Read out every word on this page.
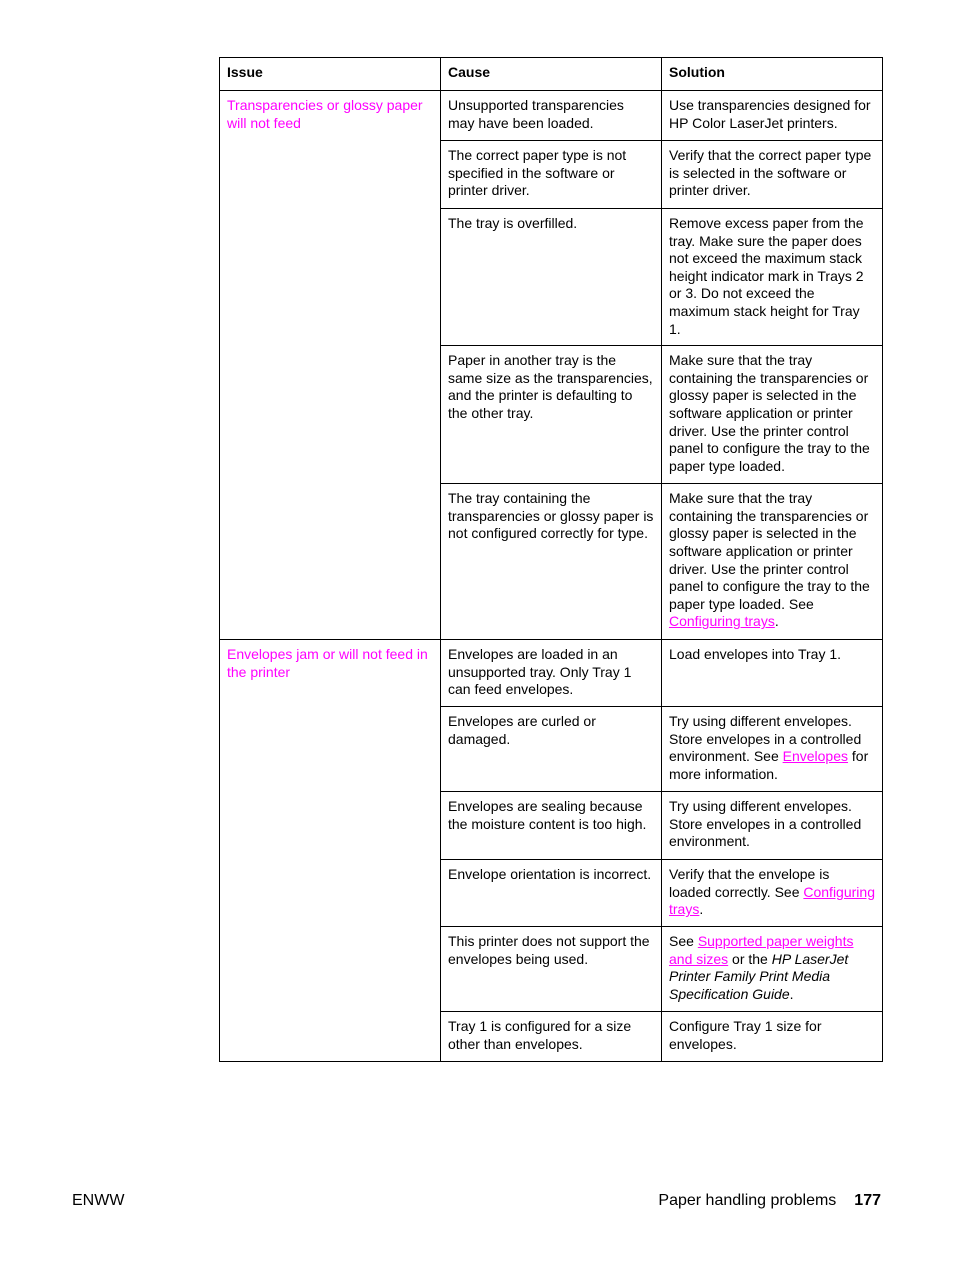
Issue	Cause	Solution
Transparencies or glossy paper will not feed	Unsupported transparencies may have been loaded.	Use transparencies designed for HP Color LaserJet printers.
	The correct paper type is not specified in the software or printer driver.	Verify that the correct paper type is selected in the software or printer driver.
	The tray is overfilled.	Remove excess paper from the tray. Make sure the paper does not exceed the maximum stack height indicator mark in Trays 2 or 3. Do not exceed the maximum stack height for Tray 1.
	Paper in another tray is the same size as the transparencies, and the printer is defaulting to the other tray.	Make sure that the tray containing the transparencies or glossy paper is selected in the software application or printer driver. Use the printer control panel to configure the tray to the paper type loaded.
	The tray containing the transparencies or glossy paper is not configured correctly for type.	Make sure that the tray containing the transparencies or glossy paper is selected in the software application or printer driver. Use the printer control panel to configure the tray to the paper type loaded. See Configuring trays.
Envelopes jam or will not feed in the printer	Envelopes are loaded in an unsupported tray. Only Tray 1 can feed envelopes.	Load envelopes into Tray 1.
	Envelopes are curled or damaged.	Try using different envelopes. Store envelopes in a controlled environment. See Envelopes for more information.
	Envelopes are sealing because the moisture content is too high.	Try using different envelopes. Store envelopes in a controlled environment.
	Envelope orientation is incorrect.	Verify that the envelope is loaded correctly. See Configuring trays.
	This printer does not support the envelopes being used.	See Supported paper weights and sizes or the HP LaserJet Printer Family Print Media Specification Guide.
	Tray 1 is configured for a size other than envelopes.	Configure Tray 1 size for envelopes.
ENWW	Paper handling problems 177
